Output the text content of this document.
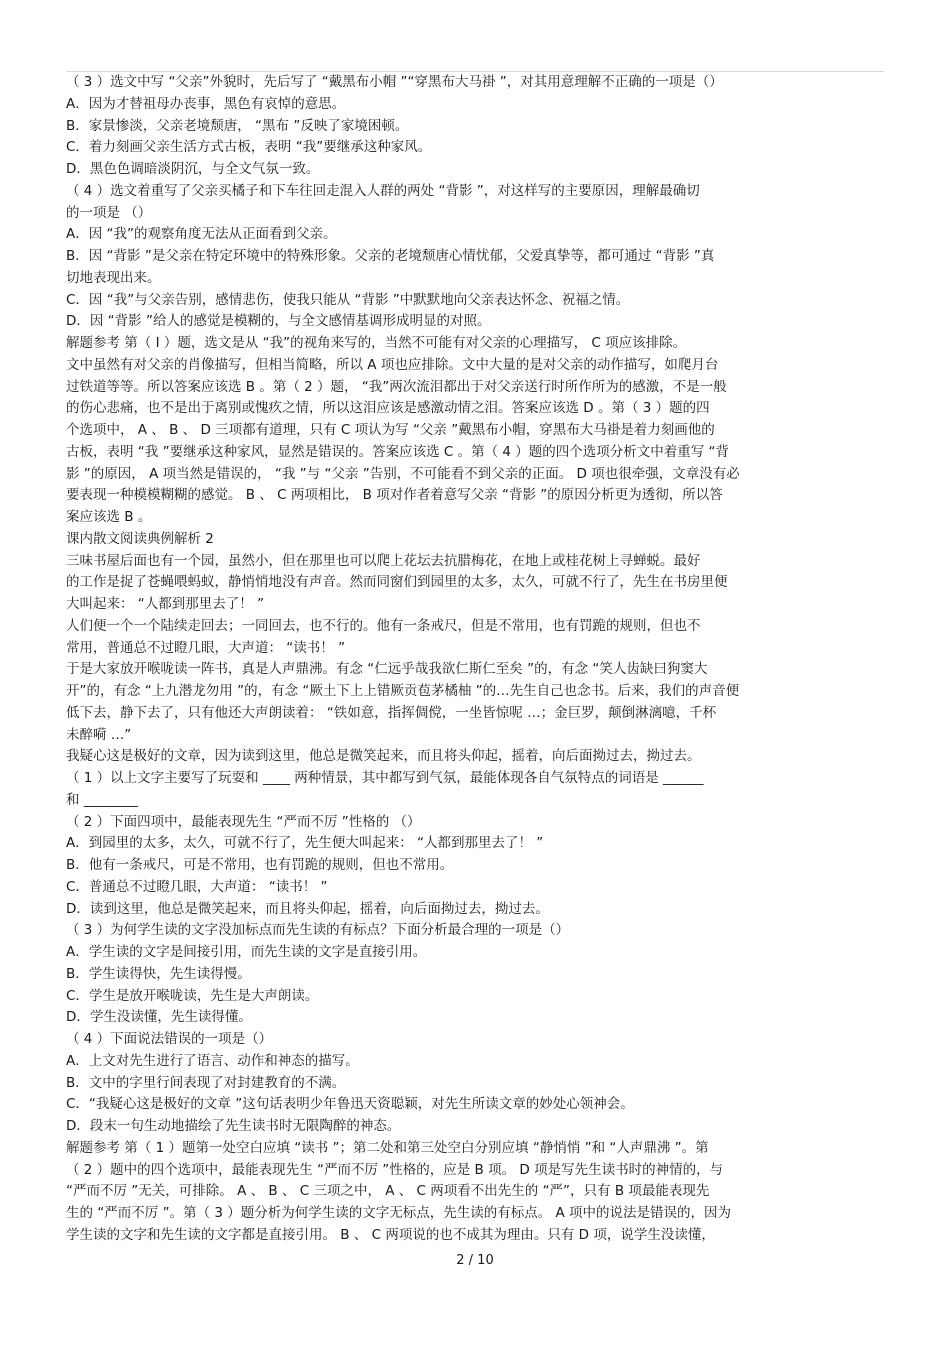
（ 3 ）选文中写 “父亲”外貌时，先后写了 “戴黑布小帽 ”“穿黑布大马褂 ”，对其用意理解不正确的一项是（）
A．因为才替祖母办丧事，黑色有哀悼的意思。
B．家景惨淡，父亲老境颓唐， “黑布 ”反映了家境困顿。
C．着力刻画父亲生活方式古板，表明 “我”要继承这种家风。
D．黑色色调暗淡阴沉，与全文气氛一致。
（ 4 ）选文着重写了父亲买橘子和下车往回走混入人群的两处 “背影 ”，对这样写的主要原因，理解最确切
的一项是 （）
A．因 “我”的观察角度无法从正面看到父亲。
B．因 “背影 ”是父亲在特定环境中的特殊形象。父亲的老境颓唐心情忧郁，父爱真挚等，都可通过 “背影 ”真
切地表现出来。
C．因 “我”与父亲告别，感情悲伤，使我只能从 “背影 ”中默默地向父亲表达怀念、祝福之情。
D．因 “背影 ”给人的感觉是模糊的，与全文感情基调形成明显的对照。
解题参考 第（ I ）题，选文是从 “我”的视角来写的，当然不可能有对父亲的心理描写， C 项应该排除。
文中虽然有对父亲的肖像描写，但相当简略，所以 A 项也应排除。文中大量的是对父亲的动作描写，如爬月台
过铁道等等。所以答案应该选 B 。第（ 2 ）题， “我”两次流泪都出于对父亲送行时所作所为的感激，不是一般
的伤心悲痛，也不是出于离别或愧疚之情，所以这泪应该是感激动情之泪。答案应该选 D 。第（ 3 ）题的四
个选项中， A 、 B 、 D 三项都有道理，只有 C 项认为写 “父亲 ”戴黑布小帽，穿黑布大马褂是着力刻画他的
古板，表明 “我 ”要继承这种家风，显然是错误的。答案应该选 C 。第（ 4 ）题的四个选项分析文中着重写 “背
影 ”的原因， A 项当然是错误的， “我 ”与 “父亲 ”告别，不可能看不到父亲的正面。 D 项也很牵强，文章没有必
要表现一种模模糊糊的感觉。 B 、 C 两项相比， B 项对作者着意写父亲 “背影 ”的原因分析更为透彻，所以答
案应该选 B 。
课内散文阅读典例解析 2
三味书屋后面也有一个园，虽然小，但在那里也可以爬上花坛去抗腊梅花，在地上或桂花树上寻蝉蜕。最好
的工作是捉了苍蝇喂蚂蚁，静悄悄地没有声音。然而同窗们到园里的太多，太久，可就不行了，先生在书房里便
大叫起来： “人都到那里去了！ ”
人们便一个一个陆续走回去；一同回去，也不行的。他有一条戒尺，但是不常用，也有罚跪的规则，但也不
常用，普通总不过瞪几眼，大声道： “读书！ ”
于是大家放开喉咙读一阵书，真是人声鼎沸。有念 “仁远乎哉我欲仁斯仁至矣 ”的，有念 “笑人齿缺曰狗窦大
开”的，有念 “上九潜龙勿用 ”的，有念 “厥土下上上错厥贡苞茅橘柚 ”的…先生自己也念书。后来，我们的声音便
低下去，静下去了，只有他还大声朗读着： “铁如意，指挥倜傥，一坐皆惊呢 …；金巨罗，颠倒淋漓噫，千杯
未醉嗬 …”
我疑心这是极好的文章，因为读到这里，他总是微笑起来，而且将头仰起，摇着，向后面拗过去，拗过去。
（ 1 ）以上文字主要写了玩耍和 ____ 两种情景，其中都写到气氛，最能体现各自气氛特点的词语是 ______
和 ________
（ 2 ）下面四项中，最能表现先生 “严而不厉 ”性格的 （）
A．到园里的太多，太久，可就不行了，先生便大叫起来： “人都到那里去了！ ”
B．他有一条戒尺，可是不常用，也有罚跪的规则，但也不常用。
C．普通总不过瞪几眼，大声道： “读书！ ”
D．读到这里，他总是微笑起来，而且将头仰起，摇着，向后面拗过去，拗过去。
（ 3 ）为何学生读的文字没加标点而先生读的有标点？下面分析最合理的一项是（）
A．学生读的文字是间接引用，而先生读的文字是直接引用。
B．学生读得快，先生读得慢。
C．学生是放开喉咙读，先生是大声朗读。
D．学生没读懂，先生读得懂。
（ 4 ）下面说法错误的一项是（）
A．上文对先生进行了语言、动作和神态的描写。
B．文中的字里行间表现了对封建教育的不满。
C．“我疑心这是极好的文章 ”这句话表明少年鲁迅天资聪颖，对先生所读文章的妙处心领神会。
D．段末一句生动地描绘了先生读书时无限陶醉的神态。
解题参考 第（ 1 ）题第一处空白应填 “读书 ”；第二处和第三处空白分别应填 “静悄悄 ”和 “人声鼎沸 ”。第
（ 2 ）题中的四个选项中，最能表现先生 “严而不厉 ”性格的，应是 B 项。 D 项是写先生读书时的神情的，与
“严而不厉 ”无关，可排除。 A 、 B 、 C 三项之中， A 、 C 两项看不出先生的 “严”，只有 B 项最能表现先
生的 “严而不厉 ”。第（ 3 ）题分析为何学生读的文字无标点，先生读的有标点。 A 项中的说法是错误的，因为
学生读的文字和先生读的文字都是直接引用。 B 、 C 两项说的也不成其为理由。只有 D 项，说学生没读懂，
2 / 10
